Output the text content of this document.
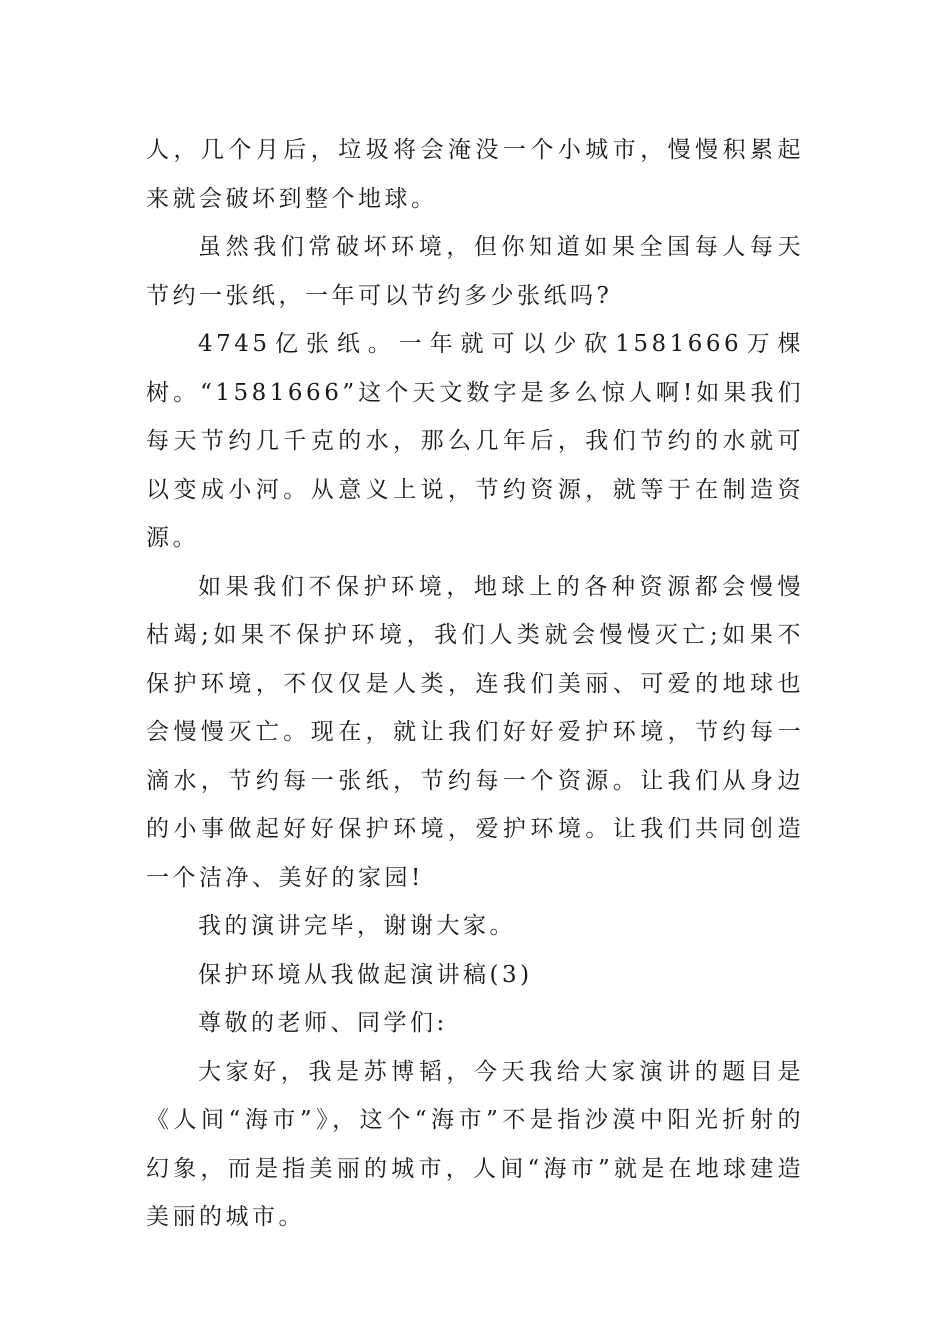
人，几个月后，垃圾将会淹没一个小城市，慢慢积累起来就会破坏到整个地球。

虽然我们常破坏环境，但你知道如果全国每人每天节约一张纸，一年可以节约多少张纸吗?

4745亿张纸。一年就可以少砍1581666万棵树。“1581666”这个天文数字是多么惊人啊!如果我们每天节约几千克的水，那么几年后，我们节约的水就可以变成小河。从意义上说，节约资源，就等于在制造资源。

如果我们不保护环境，地球上的各种资源都会慢慢枯竭;如果不保护环境，我们人类就会慢慢灭亡;如果不保护环境，不仅仅是人类，连我们美丽、可爱的地球也会慢慢灭亡。现在，就让我们好好爱护环境，节约每一滴水，节约每一张纸，节约每一个资源。让我们从身边的小事做起好好保护环境，爱护环境。让我们共同创造一个洁净、美好的家园!

我的演讲完毕，谢谢大家。

保护环境从我做起演讲稿(3)

尊敬的老师、同学们:

大家好，我是苏博韬，今天我给大家演讲的题目是《人间“海市”》，这个“海市”不是指沙漠中阳光折射的幻象，而是指美丽的城市，人间“海市”就是在地球建造美丽的城市。
